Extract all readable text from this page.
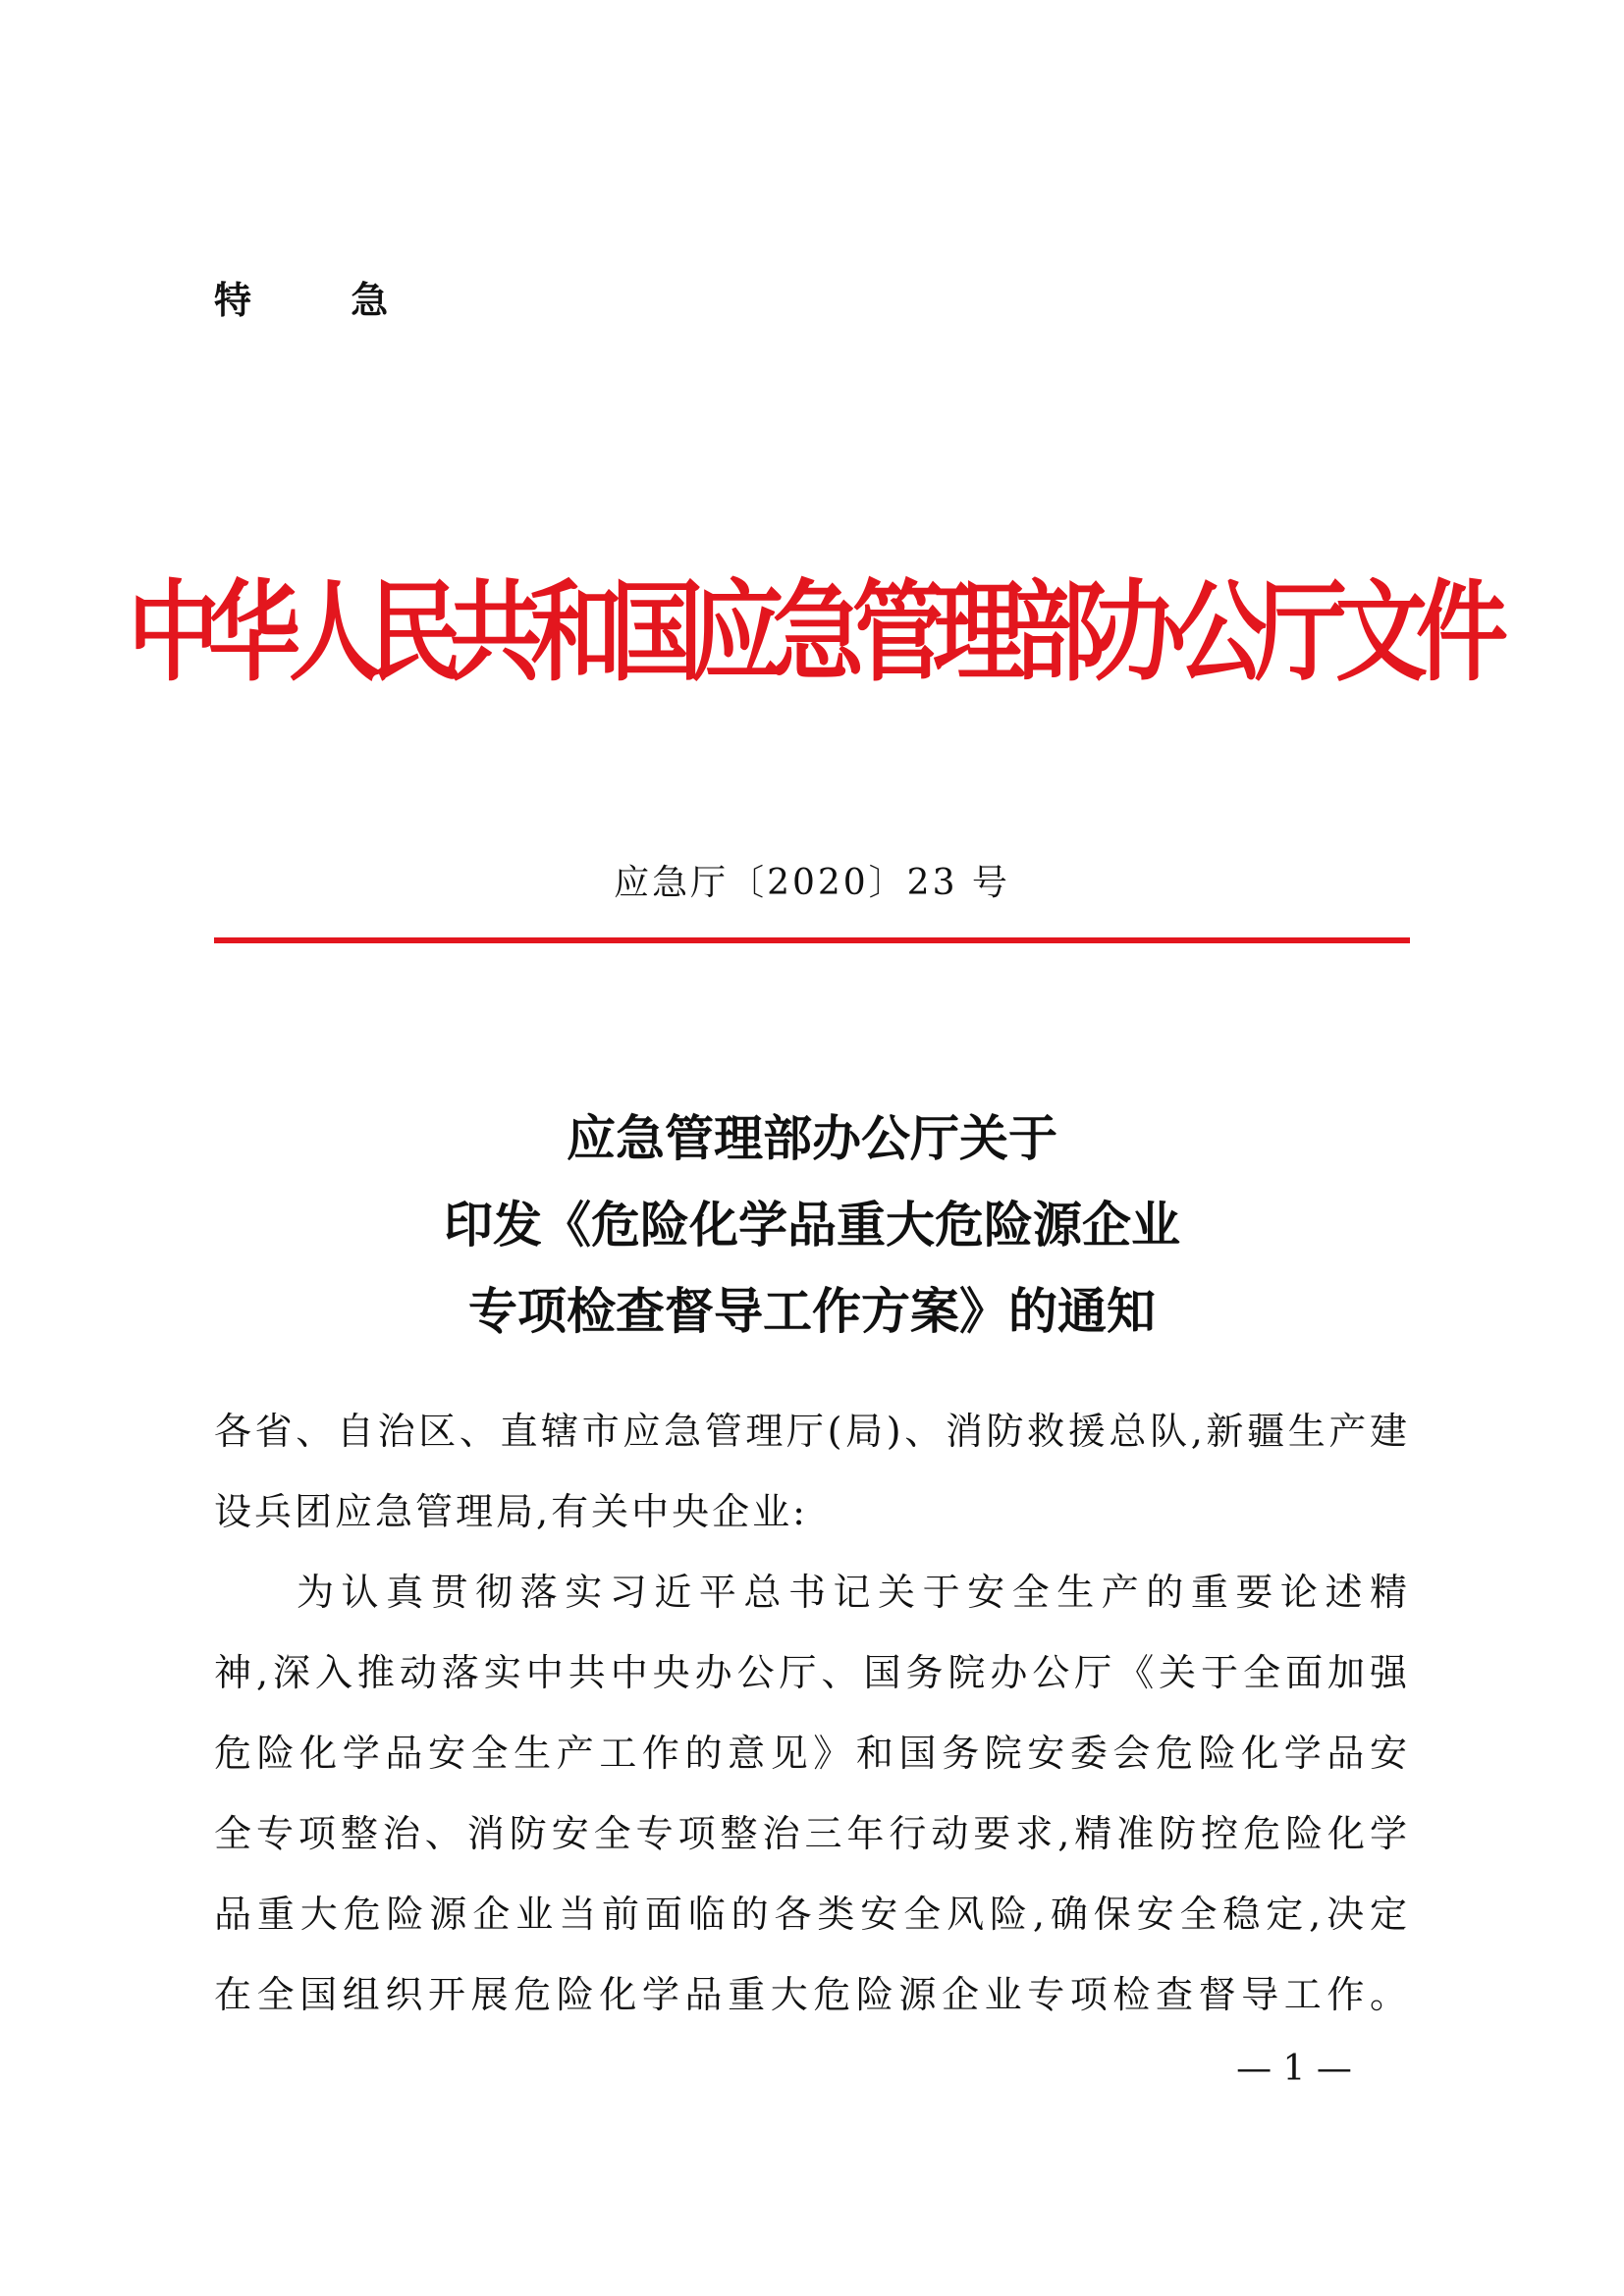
特 急
中华人民共和国应急管理部办公厅文件
应急厅〔2020〕23 号
应急管理部办公厅关于
印发《危险化学品重大危险源企业
专项检查督导工作方案》的通知
各省、自治区、直辖市应急管理厅(局)、消防救援总队,新疆生产建
设兵团应急管理局,有关中央企业:
为认真贯彻落实习近平总书记关于安全生产的重要论述精
神,深入推动落实中共中央办公厅、国务院办公厅《关于全面加强
危险化学品安全生产工作的意见》和国务院安委会危险化学品安
全专项整治、消防安全专项整治三年行动要求,精准防控危险化学
品重大危险源企业当前面临的各类安全风险,确保安全稳定,决定
在全国组织开展危险化学品重大危险源企业专项检查督导工作。
— 1 —
